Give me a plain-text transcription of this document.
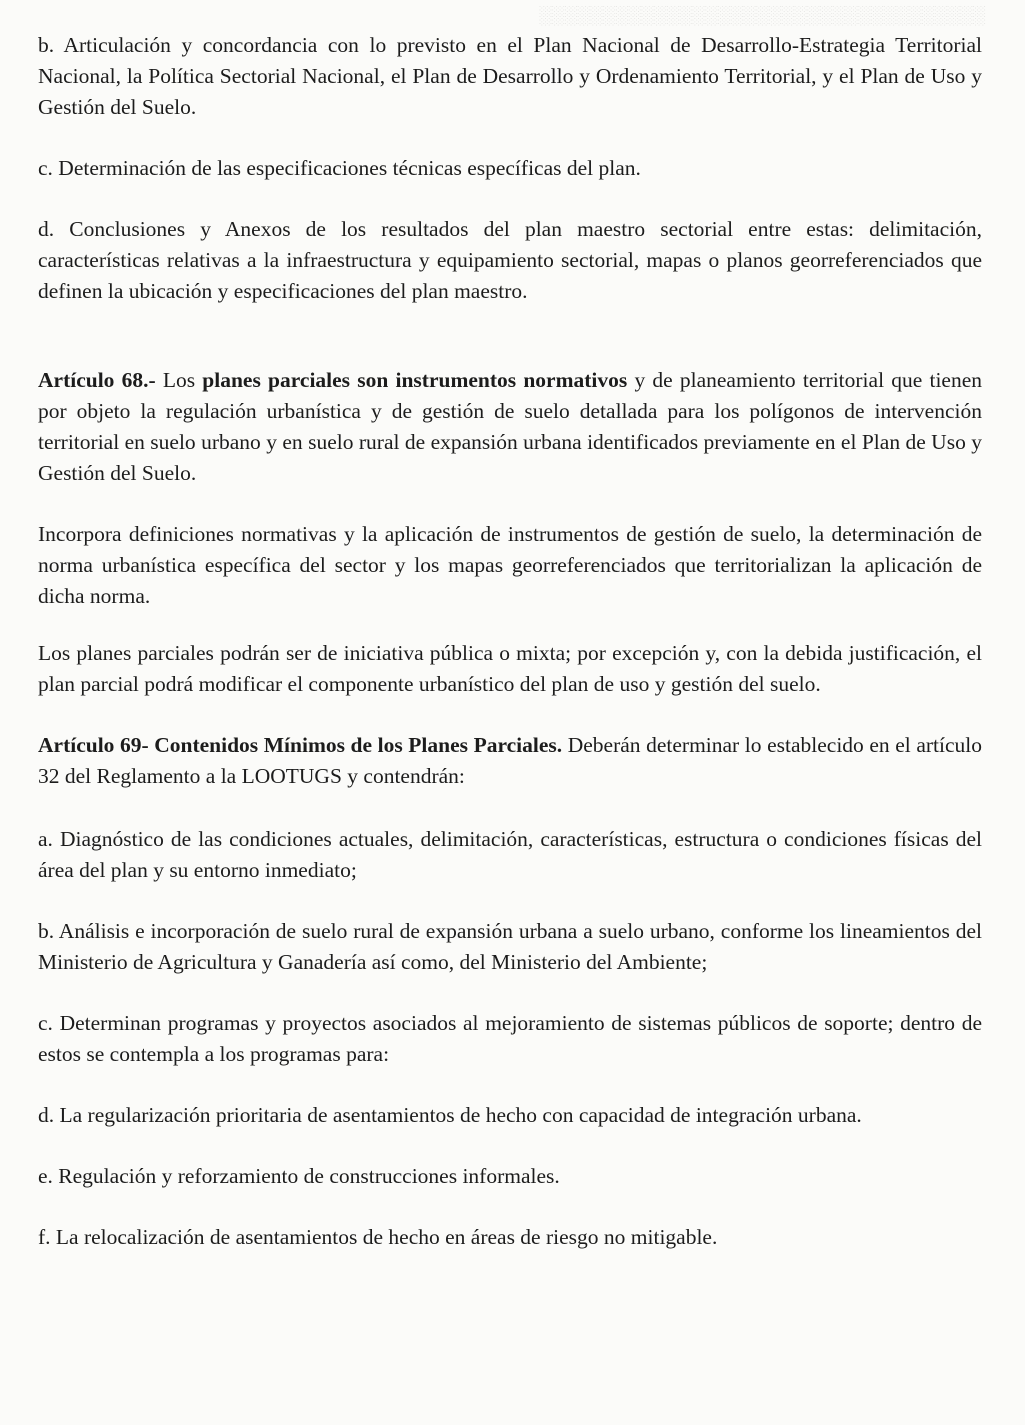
░░░░░░░░░░░░░░░░░░░░░░░░░░░░░░░░░░░

b. Articulación y concordancia con lo previsto en el Plan Nacional de Desarrollo-Estrategia Territorial Nacional, la Política Sectorial Nacional, el Plan de Desarrollo y Ordenamiento Territorial, y el Plan de Uso y Gestión del Suelo.

c. Determinación de las especificaciones técnicas específicas del plan.

d. Conclusiones y Anexos de los resultados del plan maestro sectorial entre estas: delimitación, características relativas a la infraestructura y equipamiento sectorial, mapas o planos georreferenciados que definen la ubicación y especificaciones del plan maestro.

Artículo 68.- Los planes parciales son instrumentos normativos y de planeamiento territorial que tienen por objeto la regulación urbanística y de gestión de suelo detallada para los polígonos de intervención territorial en suelo urbano y en suelo rural de expansión urbana identificados previamente en el Plan de Uso y Gestión del Suelo.

Incorpora definiciones normativas y la aplicación de instrumentos de gestión de suelo, la determinación de norma urbanística específica del sector y los mapas georreferenciados que territorializan la aplicación de dicha norma.

Los planes parciales podrán ser de iniciativa pública o mixta; por excepción y, con la debida justificación, el plan parcial podrá modificar el componente urbanístico del plan de uso y gestión del suelo.

Artículo 69- Contenidos Mínimos de los Planes Parciales. Deberán determinar lo establecido en el artículo 32 del Reglamento a la LOOTUGS y contendrán:

a. Diagnóstico de las condiciones actuales, delimitación, características, estructura o condiciones físicas del área del plan y su entorno inmediato;

b. Análisis e incorporación de suelo rural de expansión urbana a suelo urbano, conforme los lineamientos del Ministerio de Agricultura y Ganadería así como, del Ministerio del Ambiente;

c. Determinan programas y proyectos asociados al mejoramiento de sistemas públicos de soporte; dentro de estos se contempla a los programas para:

d. La regularización prioritaria de asentamientos de hecho con capacidad de integración urbana.

e. Regulación y reforzamiento de construcciones informales.

f. La relocalización de asentamientos de hecho en áreas de riesgo no mitigable.
